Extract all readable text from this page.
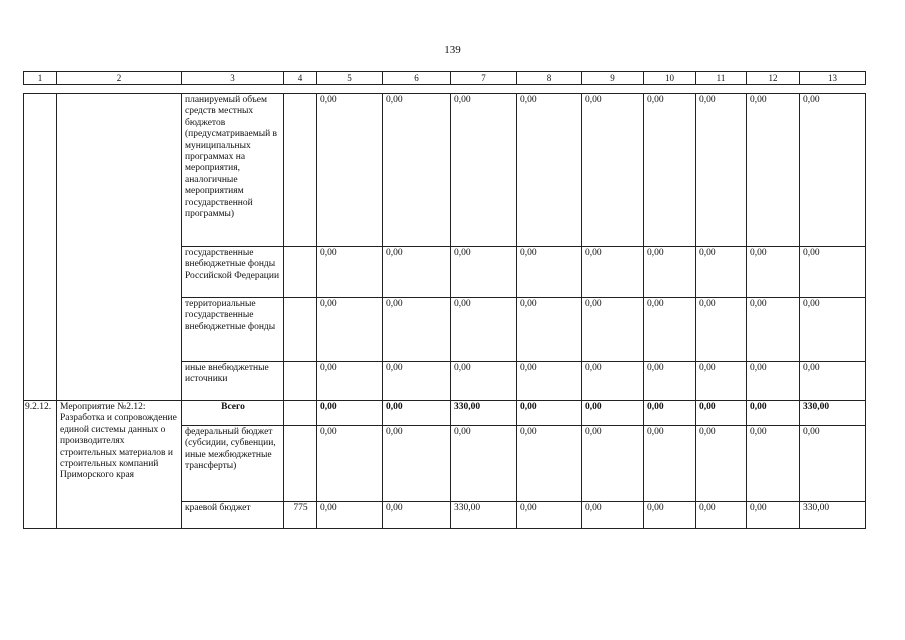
139
1	2	3	4	5	6	7	8	9	10	11	12	13
		планируемый объем средств местных бюджетов (предусматриваемый в муниципальных программах на мероприятия, аналогичные мероприятиям государственной программы)		0,00	0,00	0,00	0,00	0,00	0,00	0,00	0,00	0,00
		государственные внебюджетные фонды Российской Федерации		0,00	0,00	0,00	0,00	0,00	0,00	0,00	0,00	0,00
		территориальные государственные внебюджетные фонды		0,00	0,00	0,00	0,00	0,00	0,00	0,00	0,00	0,00
		иные внебюджетные источники		0,00	0,00	0,00	0,00	0,00	0,00	0,00	0,00	0,00
9.2.12.	Мероприятие №2.12: Разработка и сопровождение единой системы данных о производителях строительных материалов и строительных компаний Приморского края	Всего		0,00	0,00	330,00	0,00	0,00	0,00	0,00	0,00	330,00
		федеральный бюджет (субсидии, субвенции, иные межбюджетные трансферты)		0,00	0,00	0,00	0,00	0,00	0,00	0,00	0,00	0,00
		краевой бюджет	775	0,00	0,00	330,00	0,00	0,00	0,00	0,00	0,00	330,00
